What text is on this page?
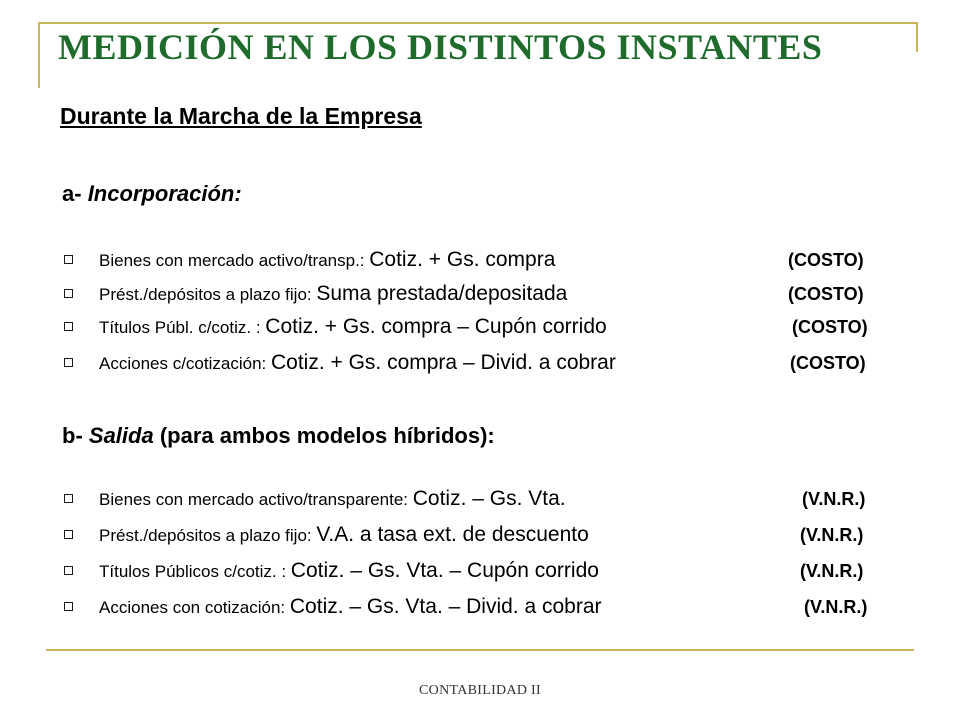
MEDICIÓN EN LOS DISTINTOS INSTANTES
Durante la Marcha de la Empresa
a- Incorporación:
Bienes con mercado activo/transp.: Cotiz. + Gs. compra	(COSTO)
Prést./depósitos a plazo fijo: Suma prestada/depositada	(COSTO)
Títulos Públ. c/cotiz. : Cotiz. + Gs. compra – Cupón corrido	(COSTO)
Acciones c/cotización: Cotiz. + Gs. compra – Divid. a cobrar	(COSTO)
b- Salida (para ambos modelos híbridos):
Bienes con mercado activo/transparente: Cotiz. – Gs. Vta.	(V.N.R.)
Prést./depósitos a plazo fijo: V.A. a tasa ext. de descuento	(V.N.R.)
Títulos Públicos c/cotiz. : Cotiz. – Gs. Vta. – Cupón corrido	(V.N.R.)
Acciones con cotización: Cotiz. – Gs. Vta. – Divid. a cobrar	(V.N.R.)
CONTABILIDAD II
